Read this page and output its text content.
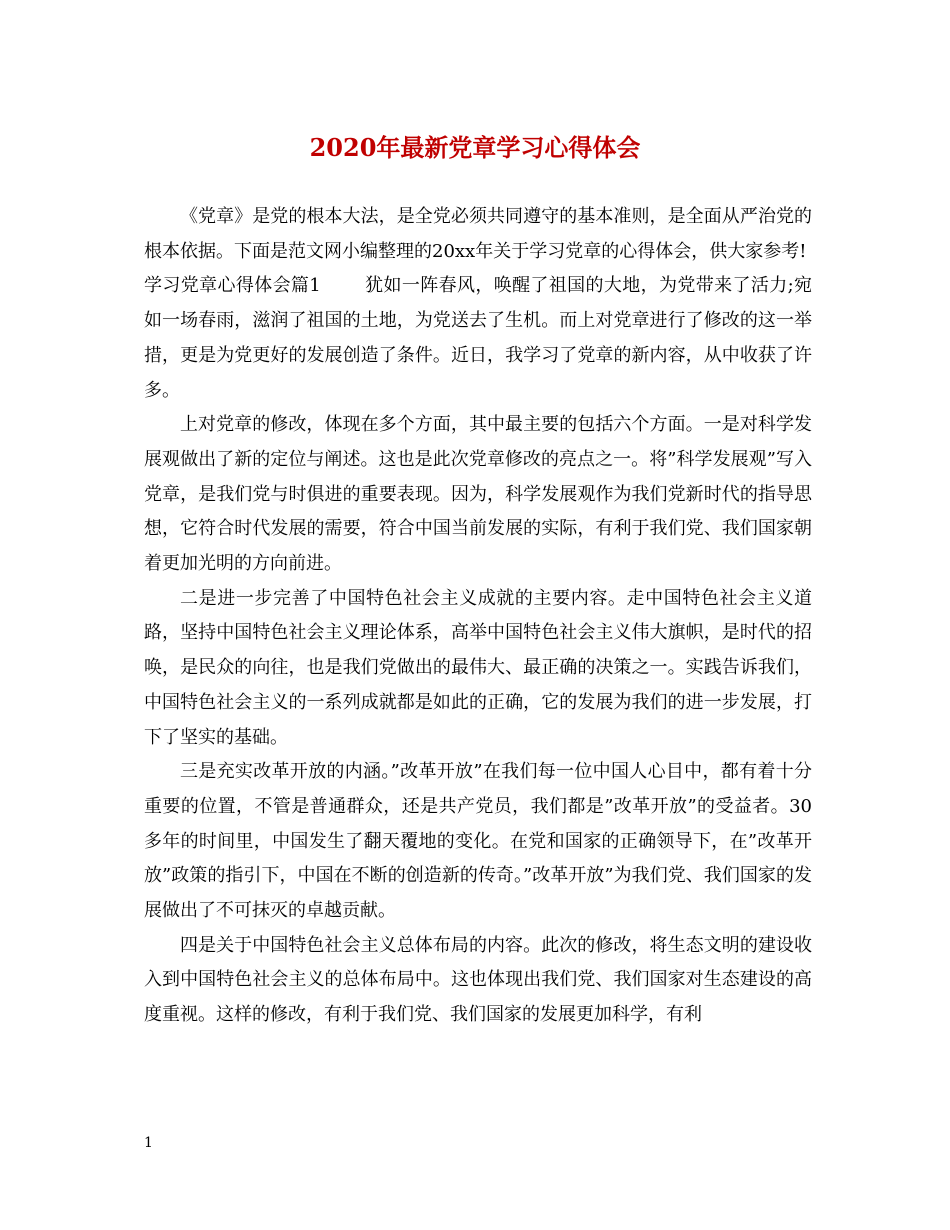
2020年最新党章学习心得体会

《党章》是党的根本大法，是全党必须共同遵守的基本准则，是全面从严治党的根本依据。下面是范文网小编整理的20xx年关于学习党章的心得体会，供大家参考!

学习党章心得体会篇1 犹如一阵春风，唤醒了祖国的大地，为党带来了活力;宛如一场春雨，滋润了祖国的土地，为党送去了生机。而上对党章进行了修改的这一举措，更是为党更好的发展创造了条件。近日，我学习了党章的新内容，从中收获了许多。

上对党章的修改，体现在多个方面，其中最主要的包括六个方面。一是对科学发展观做出了新的定位与阐述。这也是此次党章修改的亮点之一。将”科学发展观”写入党章，是我们党与时俱进的重要表现。因为，科学发展观作为我们党新时代的指导思想，它符合时代发展的需要，符合中国当前发展的实际，有利于我们党、我们国家朝着更加光明的方向前进。

二是进一步完善了中国特色社会主义成就的主要内容。走中国特色社会主义道路，坚持中国特色社会主义理论体系，高举中国特色社会主义伟大旗帜，是时代的招唤，是民众的向往，也是我们党做出的最伟大、最正确的决策之一。实践告诉我们，中国特色社会主义的一系列成就都是如此的正确，它的发展为我们的进一步发展，打下了坚实的基础。

三是充实改革开放的内涵。”改革开放”在我们每一位中国人心目中，都有着十分重要的位置，不管是普通群众，还是共产党员，我们都是”改革开放”的受益者。30多年的时间里，中国发生了翻天覆地的变化。在党和国家的正确领导下，在”改革开放”政策的指引下，中国在不断的创造新的传奇。”改革开放”为我们党、我们国家的发展做出了不可抹灭的卓越贡献。

四是关于中国特色社会主义总体布局的内容。此次的修改，将生态文明的建设收入到中国特色社会主义的总体布局中。这也体现出我们党、我们国家对生态建设的高度重视。这样的修改，有利于我们党、我们国家的发展更加科学，有利

1
